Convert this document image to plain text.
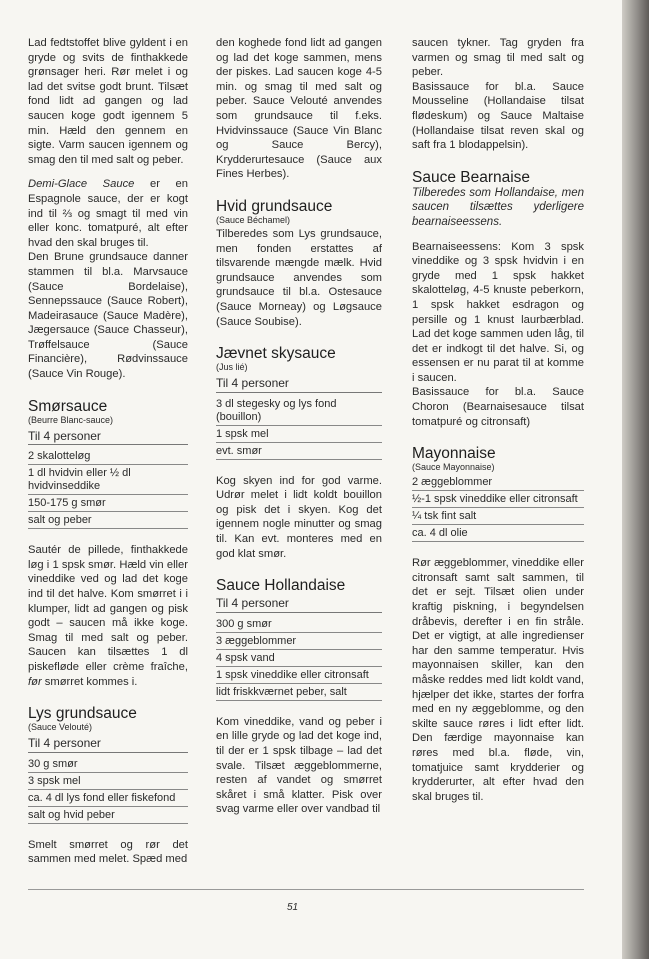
Lad fedtstoffet blive gyldent i en gryde og svits de finthakkede grønsager heri. Rør melet i og lad det svitse godt brunt. Tilsæt fond lidt ad gangen og lad saucen koge godt igennem 5 min. Hæld den gennem en sigte. Varm saucen igennem og smag den til med salt og peber.

Demi-Glace Sauce er en Espagnole sauce, der er kogt ind til ⅔ og smagt til med vin eller konc. tomatpuré, alt efter hvad den skal bruges til.

Den Brune grundsauce danner stammen til bl.a. Marvsauce (Sauce Bordelaise), Sennepssauce (Sauce Robert), Madeirasauce (Sauce Madère), Jægersauce (Sauce Chasseur), Trøffelsauce (Sauce Financière), Rødvinssauce (Sauce Vin Rouge).

Smørsauce
(Beurre Blanc-sauce)
Til 4 personer
2 skalotteløg
1 dl hvidvin eller ½ dl hvidvinseddike
150-175 g smør
salt og peber

Sautér de pillede, finthakkede løg i 1 spsk smør. Hæld vin eller vineddike ved og lad det koge ind til det halve. Kom smørret i i klumper, lidt ad gangen og pisk godt – saucen må ikke koge. Smag til med salt og peber. Saucen kan tilsættes 1 dl piskefløde eller crème fraîche, før smørret kommes i.

Lys grundsauce
(Sauce Velouté)
Til 4 personer
30 g smør
3 spsk mel
ca. 4 dl lys fond eller fiskefond
salt og hvid peber

Smelt smørret og rør det sammen med melet. Spæd med

den koghede fond lidt ad gangen og lad det koge sammen, mens der piskes. Lad saucen koge 4-5 min. og smag til med salt og peber. Sauce Velouté anvendes som grundsauce til f.eks. Hvidvinssauce (Sauce Vin Blanc og Sauce Bercy), Krydderurtesauce (Sauce aux Fines Herbes).

Hvid grundsauce
(Sauce Béchamel)

Tilberedes som Lys grundsauce, men fonden erstattes af tilsvarende mængde mælk. Hvid grundsauce anvendes som grundsauce til bl.a. Ostesauce (Sauce Morneay) og Løgsauce (Sauce Soubise).

Jævnet skysauce
(Jus lié)
Til 4 personer
3 dl stegesky og lys fond (bouillon)
1 spsk mel
evt. smør

Kog skyen ind for god varme. Udrør melet i lidt koldt bouillon og pisk det i skyen. Kog det igennem nogle minutter og smag til. Kan evt. monteres med en god klat smør.

Sauce Hollandaise
Til 4 personer
300 g smør
3 æggeblommer
4 spsk vand
1 spsk vineddike eller citronsaft
lidt friskkværnet peber, salt

Kom vineddike, vand og peber i en lille gryde og lad det koge ind, til der er 1 spsk tilbage – lad det svale. Tilsæt æggeblommerne, resten af vandet og smørret skåret i små klatter. Pisk over svag varme eller over vandbad til

saucen tykner. Tag gryden fra varmen og smag til med salt og peber.

Basissauce for bl.a. Sauce Mousseline (Hollandaise tilsat flødeskum) og Sauce Maltaise (Hollandaise tilsat reven skal og saft fra 1 blodappelsin).

Sauce Bearnaise

Tilberedes som Hollandaise, men saucen tilsættes yderligere bearnaiseessens.

Bearnaiseessens: Kom 3 spsk vineddike og 3 spsk hvidvin i en gryde med 1 spsk hakket skalotteløg, 4-5 knuste peberkorn, 1 spsk hakket esdragon og persille og 1 knust laurbærblad. Lad det koge sammen uden låg, til det er indkogt til det halve. Si, og essensen er nu parat til at komme i saucen.

Basissauce for bl.a. Sauce Choron (Bearnaisesauce tilsat tomatpuré og citronsaft)

Mayonnaise
(Sauce Mayonnaise)
2 æggeblommer
½-1 spsk vineddike eller citronsaft
¼ tsk fint salt
ca. 4 dl olie

Rør æggeblommer, vineddike eller citronsaft samt salt sammen, til det er sejt. Tilsæt olien under kraftig piskning, i begyndelsen dråbevis, derefter i en fin stråle. Det er vigtigt, at alle ingredienser har den samme temperatur. Hvis mayonnaisen skiller, kan den måske reddes med lidt koldt vand, hjælper det ikke, startes der forfra med en ny æggeblomme, og den skilte sauce røres i lidt efter lidt. Den færdige mayonnaise kan røres med bl.a. fløde, vin, tomatjuice samt krydderier og krydderurter, alt efter hvad den skal bruges til.

51
